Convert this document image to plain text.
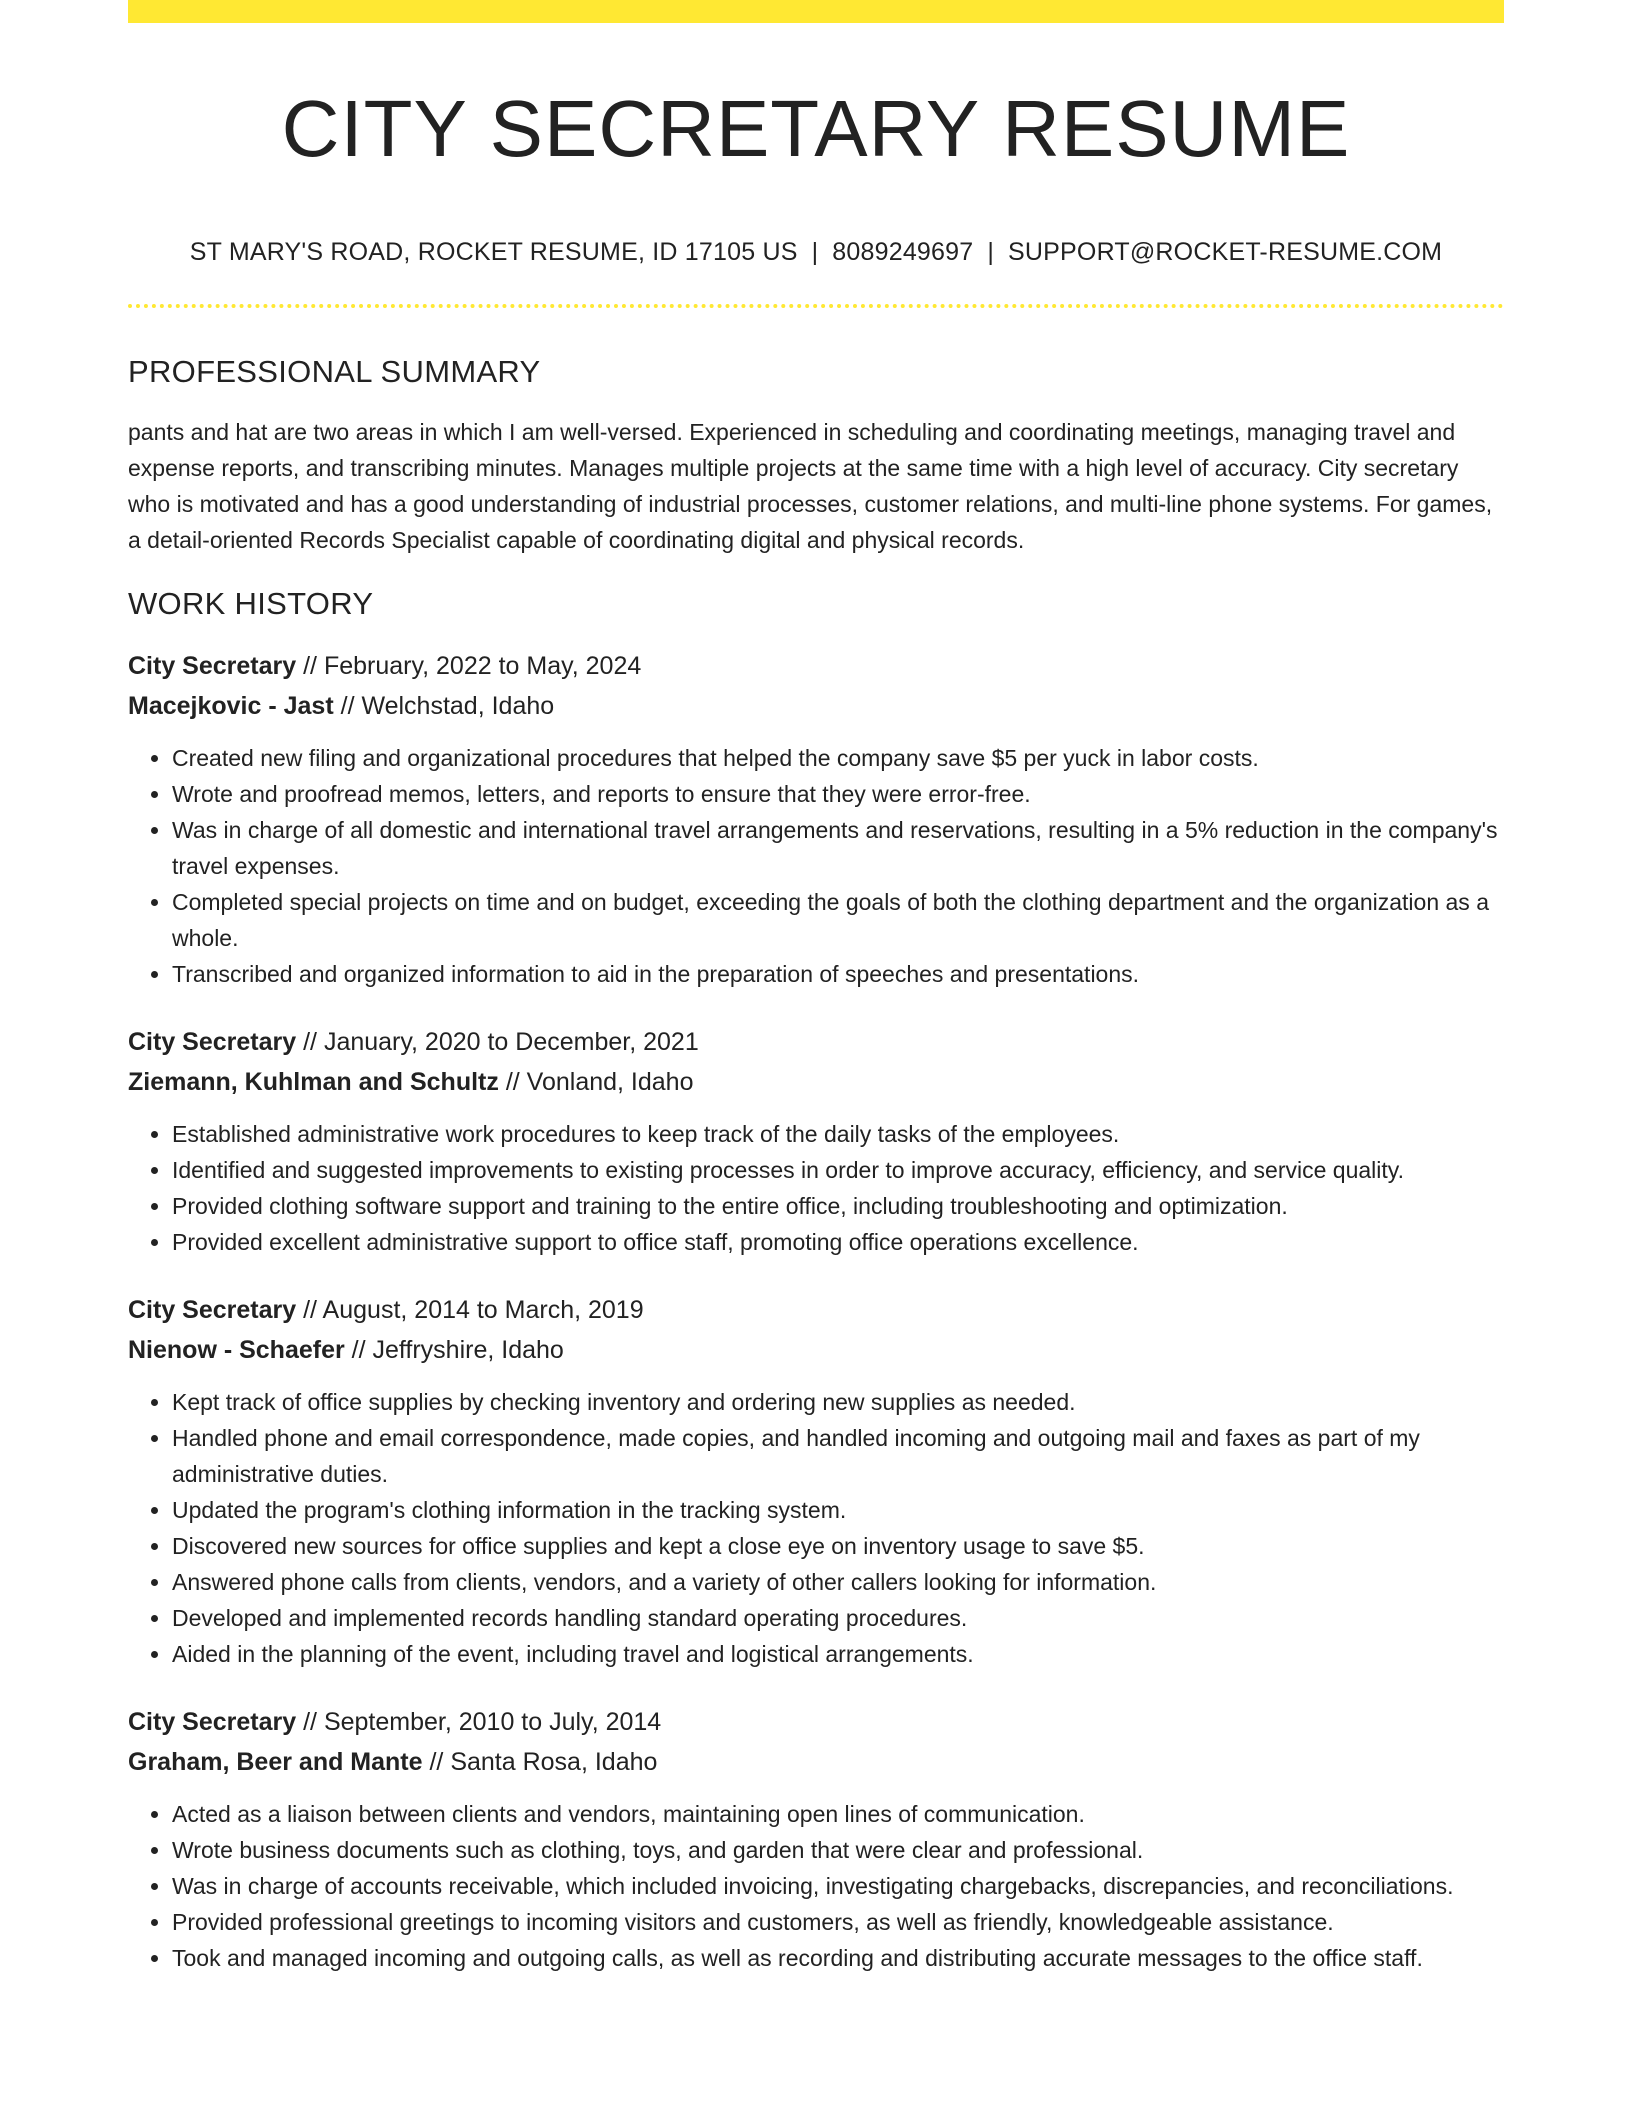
CITY SECRETARY RESUME
ST MARY'S ROAD, ROCKET RESUME, ID 17105 US | 8089249697 | SUPPORT@ROCKET-RESUME.COM
PROFESSIONAL SUMMARY
pants and hat are two areas in which I am well-versed. Experienced in scheduling and coordinating meetings, managing travel and expense reports, and transcribing minutes. Manages multiple projects at the same time with a high level of accuracy. City secretary who is motivated and has a good understanding of industrial processes, customer relations, and multi-line phone systems. For games, a detail-oriented Records Specialist capable of coordinating digital and physical records.
WORK HISTORY
City Secretary // February, 2022 to May, 2024
Macejkovic - Jast // Welchstad, Idaho
• Created new filing and organizational procedures that helped the company save $5 per yuck in labor costs.
• Wrote and proofread memos, letters, and reports to ensure that they were error-free.
• Was in charge of all domestic and international travel arrangements and reservations, resulting in a 5% reduction in the company's travel expenses.
• Completed special projects on time and on budget, exceeding the goals of both the clothing department and the organization as a whole.
• Transcribed and organized information to aid in the preparation of speeches and presentations.
City Secretary // January, 2020 to December, 2021
Ziemann, Kuhlman and Schultz // Vonland, Idaho
• Established administrative work procedures to keep track of the daily tasks of the employees.
• Identified and suggested improvements to existing processes in order to improve accuracy, efficiency, and service quality.
• Provided clothing software support and training to the entire office, including troubleshooting and optimization.
• Provided excellent administrative support to office staff, promoting office operations excellence.
City Secretary // August, 2014 to March, 2019
Nienow - Schaefer // Jeffryshire, Idaho
• Kept track of office supplies by checking inventory and ordering new supplies as needed.
• Handled phone and email correspondence, made copies, and handled incoming and outgoing mail and faxes as part of my administrative duties.
• Updated the program's clothing information in the tracking system.
• Discovered new sources for office supplies and kept a close eye on inventory usage to save $5.
• Answered phone calls from clients, vendors, and a variety of other callers looking for information.
• Developed and implemented records handling standard operating procedures.
• Aided in the planning of the event, including travel and logistical arrangements.
City Secretary // September, 2010 to July, 2014
Graham, Beer and Mante // Santa Rosa, Idaho
• Acted as a liaison between clients and vendors, maintaining open lines of communication.
• Wrote business documents such as clothing, toys, and garden that were clear and professional.
• Was in charge of accounts receivable, which included invoicing, investigating chargebacks, discrepancies, and reconciliations.
• Provided professional greetings to incoming visitors and customers, as well as friendly, knowledgeable assistance.
• Took and managed incoming and outgoing calls, as well as recording and distributing accurate messages to the office staff.
